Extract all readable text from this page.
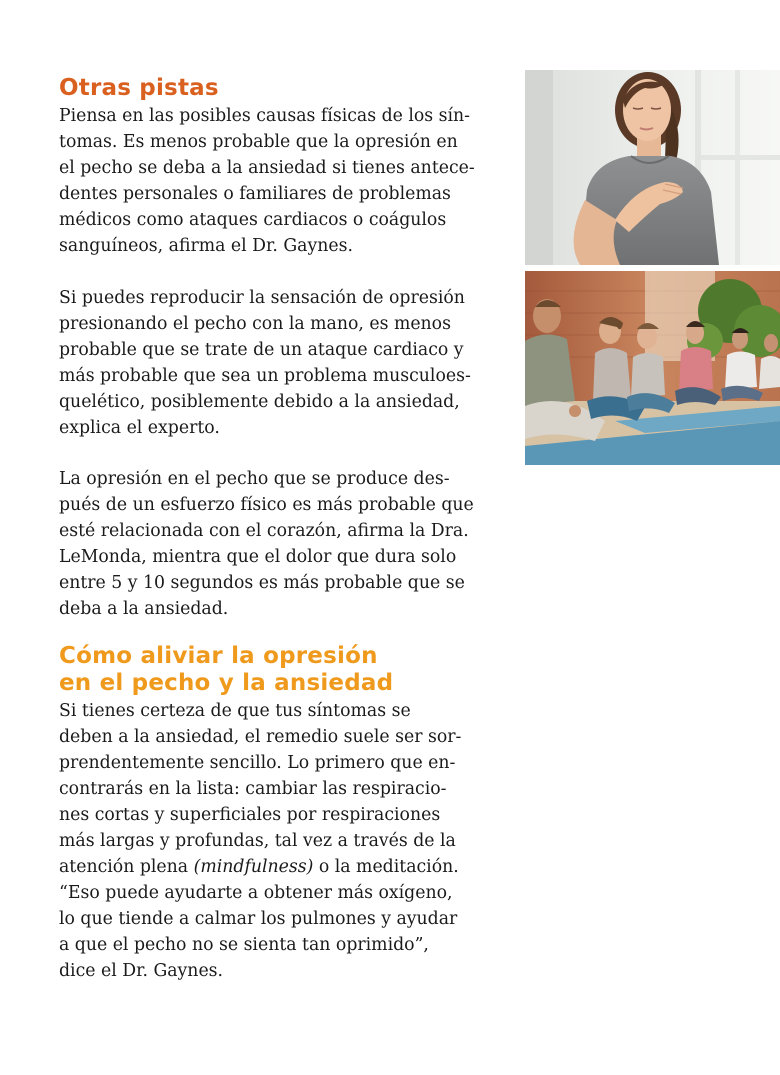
Otras pistas

Piensa en las posibles causas físicas de los sín-
tomas. Es menos probable que la opresión en
el pecho se deba a la ansiedad si tienes antece-
dentes personales o familiares de problemas
médicos como ataques cardiacos o coágulos
sanguíneos, afirma el Dr. Gaynes.

Si puedes reproducir la sensación de opresión
presionando el pecho con la mano, es menos
probable que se trate de un ataque cardiaco y
más probable que sea un problema musculoes-
quelético, posiblemente debido a la ansiedad,
explica el experto.

La opresión en el pecho que se produce des-
pués de un esfuerzo físico es más probable que
esté relacionada con el corazón, afirma la Dra.
LeMonda, mientra que el dolor que dura solo
entre 5 y 10 segundos es más probable que se
deba a la ansiedad.

Cómo aliviar la opresión
en el pecho y la ansiedad

Si tienes certeza de que tus síntomas se
deben a la ansiedad, el remedio suele ser sor-
prendentemente sencillo. Lo primero que en-
contrarás en la lista: cambiar las respiracio-
nes cortas y superficiales por respiraciones
más largas y profundas, tal vez a través de la
atención plena (mindfulness) o la meditación.
“Eso puede ayudarte a obtener más oxígeno,
lo que tiende a calmar los pulmones y ayudar
a que el pecho no se sienta tan oprimido”,
dice el Dr. Gaynes.
